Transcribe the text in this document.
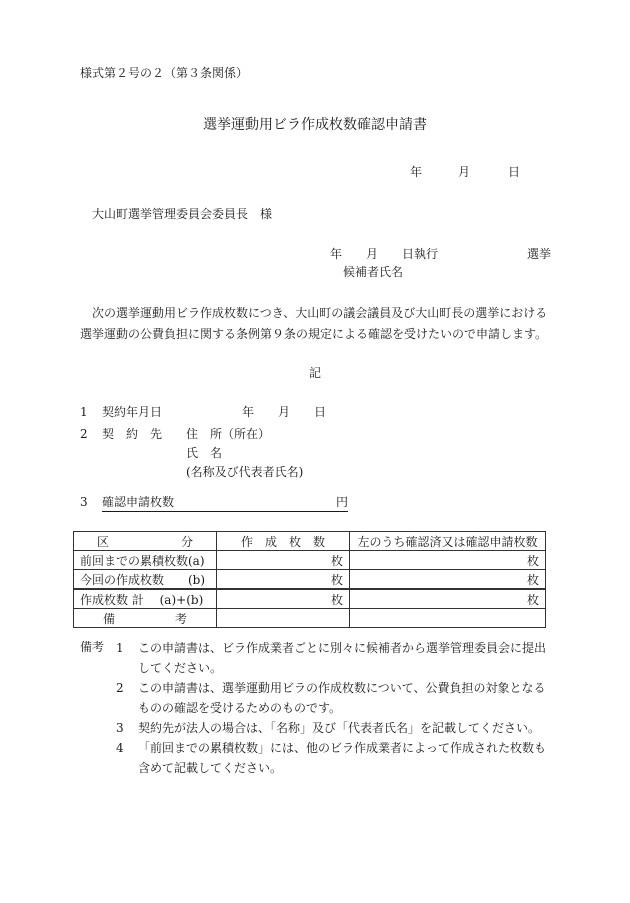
様式第２号の２（第３条関係）
選挙運動用ビラ作成枚数確認申請書
年	月	日
大山町選挙管理委員会委員長　様
年　　月　　日執行	選挙
候補者氏名
次の選挙運動用ビラ作成枚数につき、大山町の議会議員及び大山町長の選挙における選挙運動の公費負担に関する条例第９条の規定による確認を受けたいので申請します。
記
1 契約年月日	年　　月　　日
2 契　約　先 住　所（所在）
氏　名
(名称及び代表者氏名)
3 確認申請枚数	円
区　　　　　　分	作　成　枚　数	左のうち確認済又は確認申請枚数
前回までの累積枚数(a)	枚	枚
今回の作成枚数　　(b)	枚	枚
作成枚数 計　 (a)+(b)	枚	枚
備　　　　　考		
備考 1 この申請書は、ビラ作成業者ごとに別々に候補者から選挙管理委員会に提出してください。
2 この申請書は、選挙運動用ビラの作成枚数について、公費負担の対象となるものの確認を受けるためのものです。
3 契約先が法人の場合は、「名称」及び「代表者氏名」を記載してください。
4 「前回までの累積枚数」には、他のビラ作成業者によって作成された枚数も含めて記載してください。
